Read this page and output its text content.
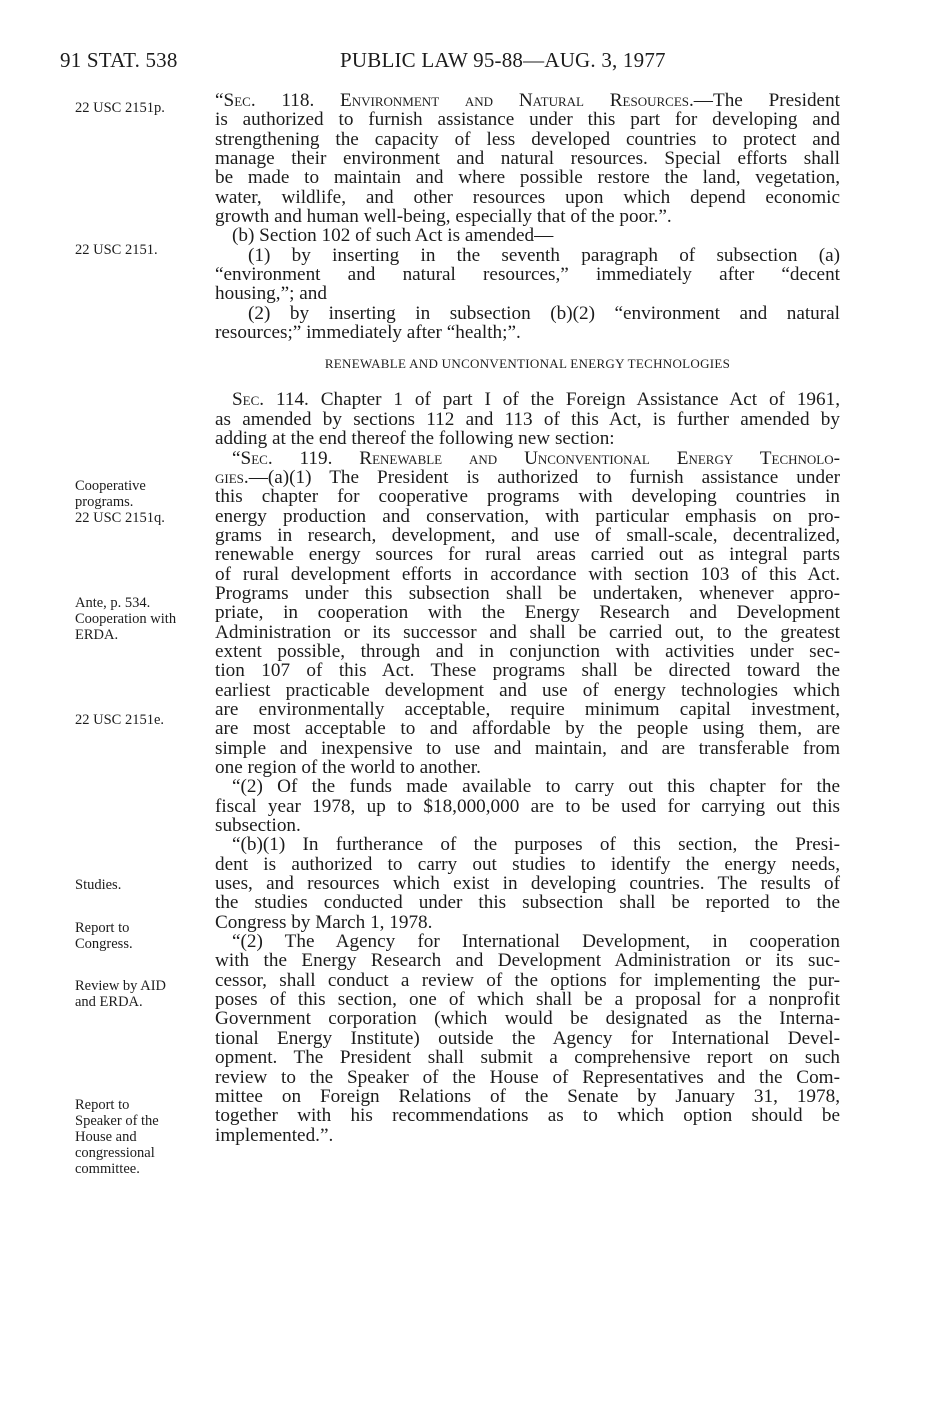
91 STAT. 538	PUBLIC LAW 95-88—AUG. 3, 1977
22 USC 2151p.
22 USC 2151.
Cooperative
programs.
22 USC 2151q.
Ante, p. 534.
Cooperation with
ERDA.
22 USC 2151e.
Studies.
Report to
Congress.
Review by AID
and ERDA.
Report to
Speaker of the
House and
congressional
committee.
“Sec. 118. Environment and Natural Resources.—The President
is authorized to furnish assistance under this part for developing and
strengthening the capacity of less developed countries to protect and
manage their environment and natural resources. Special efforts shall
be made to maintain and where possible restore the land, vegetation,
water, wildlife, and other resources upon which depend economic
growth and human well-being, especially that of the poor.”.
(b) Section 102 of such Act is amended—
(1) by inserting in the seventh paragraph of subsection (a)
“environment and natural resources,” immediately after “decent
housing,”; and
(2) by inserting in subsection (b)(2) “environment and natural
resources;” immediately after “health;”.
RENEWABLE AND UNCONVENTIONAL ENERGY TECHNOLOGIES
Sec. 114. Chapter 1 of part I of the Foreign Assistance Act of 1961,
as amended by sections 112 and 113 of this Act, is further amended by
adding at the end thereof the following new section:
“Sec. 119. Renewable and Unconventional Energy Technolo-
gies.—(a)(1) The President is authorized to furnish assistance under
this chapter for cooperative programs with developing countries in
energy production and conservation, with particular emphasis on pro-
grams in research, development, and use of small-scale, decentralized,
renewable energy sources for rural areas carried out as integral parts
of rural development efforts in accordance with section 103 of this Act.
Programs under this subsection shall be undertaken, whenever appro-
priate, in cooperation with the Energy Research and Development
Administration or its successor and shall be carried out, to the greatest
extent possible, through and in conjunction with activities under sec-
tion 107 of this Act. These programs shall be directed toward the
earliest practicable development and use of energy technologies which
are environmentally acceptable, require minimum capital investment,
are most acceptable to and affordable by the people using them, are
simple and inexpensive to use and maintain, and are transferable from
one region of the world to another.
“(2) Of the funds made available to carry out this chapter for the
fiscal year 1978, up to $18,000,000 are to be used for carrying out this
subsection.
“(b)(1) In furtherance of the purposes of this section, the Presi-
dent is authorized to carry out studies to identify the energy needs,
uses, and resources which exist in developing countries. The results of
the studies conducted under this subsection shall be reported to the
Congress by March 1, 1978.
“(2) The Agency for International Development, in cooperation
with the Energy Research and Development Administration or its suc-
cessor, shall conduct a review of the options for implementing the pur-
poses of this section, one of which shall be a proposal for a nonprofit
Government corporation (which would be designated as the Interna-
tional Energy Institute) outside the Agency for International Devel-
opment. The President shall submit a comprehensive report on such
review to the Speaker of the House of Representatives and the Com-
mittee on Foreign Relations of the Senate by January 31, 1978,
together with his recommendations as to which option should be
implemented.”.
